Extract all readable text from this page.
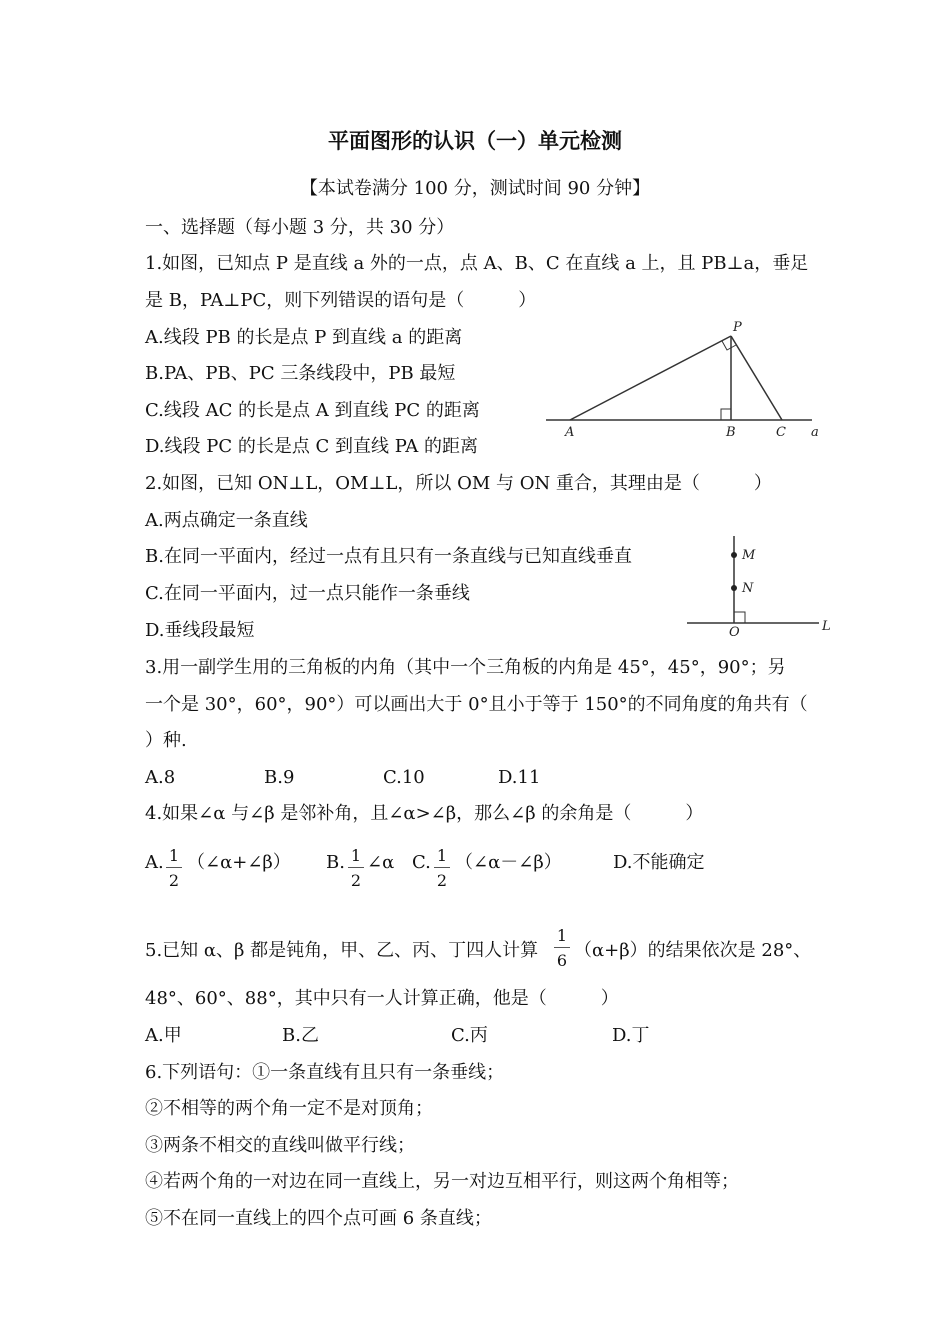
平面图形的认识（一）单元检测
【本试卷满分 100 分，测试时间 90 分钟】
一、选择题（每小题 3 分，共 30 分）
1.如图，已知点 P 是直线 a 外的一点，点 A、B、C 在直线 a 上，且 PB⊥a，垂足
是 B，PA⊥PC，则下列错误的语句是（　　　）
A.线段 PB 的长是点 P 到直线 a 的距离
B.PA、PB、PC 三条线段中，PB 最短
C.线段 AC 的长是点 A 到直线 PC 的距离
D.线段 PC 的长是点 C 到直线 PA 的距离
P
A	B	C a
2.如图，已知 ON⊥L，OM⊥L，所以 OM 与 ON 重合，其理由是（　　　）
A.两点确定一条直线
B.在同一平面内，经过一点有且只有一条直线与已知直线垂直
C.在同一平面内，过一点只能作一条垂线
D.垂线段最短
M
N
O	L
3.用一副学生用的三角板的内角（其中一个三角板的内角是 45°，45°，90°；另
一个是 30°，60°，90°）可以画出大于 0°且小于等于 150°的不同角度的角共有（
）种.
A.8	B.9	C.10	D.11
4.如果∠α 与∠β 是邻补角，且∠α>∠β，那么∠β 的余角是（　　　）
A. $\frac{1}{2}$ （∠α+∠β） B. $\frac{1}{2}$ ∠α C. $\frac{1}{2}$ （∠α－∠β）	D.不能确定
5.已知 α、β 都是钝角，甲、乙、丙、丁四人计算 $\frac{1}{6} (\alpha+\beta)$的结果依次是 28°、
48°、60°、88°，其中只有一人计算正确，他是（　　　）
A.甲	B.乙	C.丙	D.丁
6.下列语句：①一条直线有且只有一条垂线；
②不相等的两个角一定不是对顶角；
③两条不相交的直线叫做平行线；
④若两个角的一对边在同一直线上，另一对边互相平行，则这两个角相等；
⑤不在同一直线上的四个点可画 6 条直线；
